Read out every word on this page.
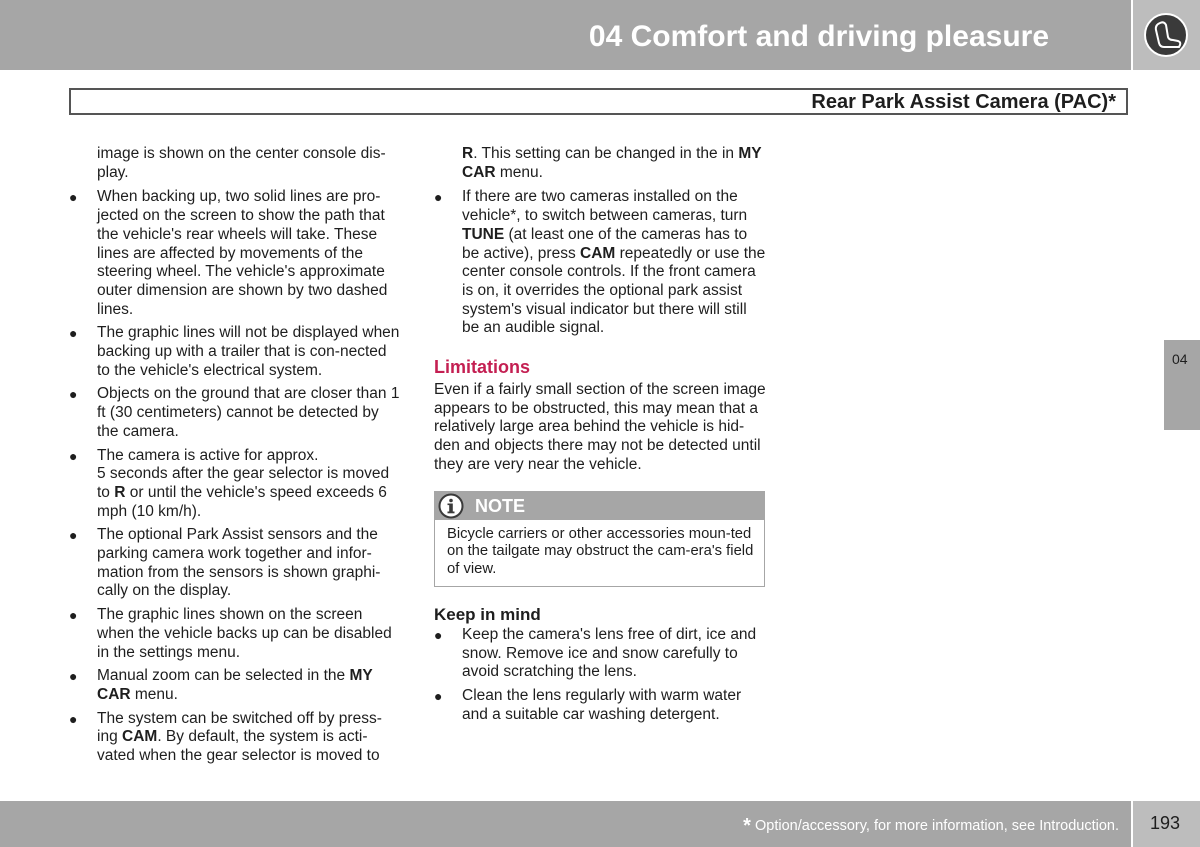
04 Comfort and driving pleasure
Rear Park Assist Camera (PAC)*
image is shown on the center console dis-play.
● When backing up, two solid lines are pro-jected on the screen to show the path that the vehicle's rear wheels will take. These lines are affected by movements of the steering wheel. The vehicle's approximate outer dimension are shown by two dashed lines.
● The graphic lines will not be displayed when backing up with a trailer that is con-nected to the vehicle's electrical system.
● Objects on the ground that are closer than 1 ft (30 centimeters) cannot be detected by the camera.
● The camera is active for approx.
5 seconds after the gear selector is moved to R or until the vehicle's speed exceeds 6 mph (10 km/h).
● The optional Park Assist sensors and the parking camera work together and infor-mation from the sensors is shown graphi-cally on the display.
● The graphic lines shown on the screen when the vehicle backs up can be disabled in the settings menu.
● Manual zoom can be selected in the MY CAR menu.
● The system can be switched off by press-ing CAM. By default, the system is acti-vated when the gear selector is moved to
R. This setting can be changed in the in MY CAR menu.
● If there are two cameras installed on the vehicle*, to switch between cameras, turn TUNE (at least one of the cameras has to be active), press CAM repeatedly or use the center console controls. If the front camera is on, it overrides the optional park assist system's visual indicator but there will still be an audible signal.
Limitations

Even if a fairly small section of the screen image appears to be obstructed, this may mean that a relatively large area behind the vehicle is hid-den and objects there may not be detected until they are very near the vehicle.

NOTE
Bicycle carriers or other accessories moun-ted on the tailgate may obstruct the cam-era's field of view.
Keep in mind
● Keep the camera's lens free of dirt, ice and snow. Remove ice and snow carefully to avoid scratching the lens.
● Clean the lens regularly with warm water and a suitable car washing detergent.
04
* Option/accessory, for more information, see Introduction. 193
